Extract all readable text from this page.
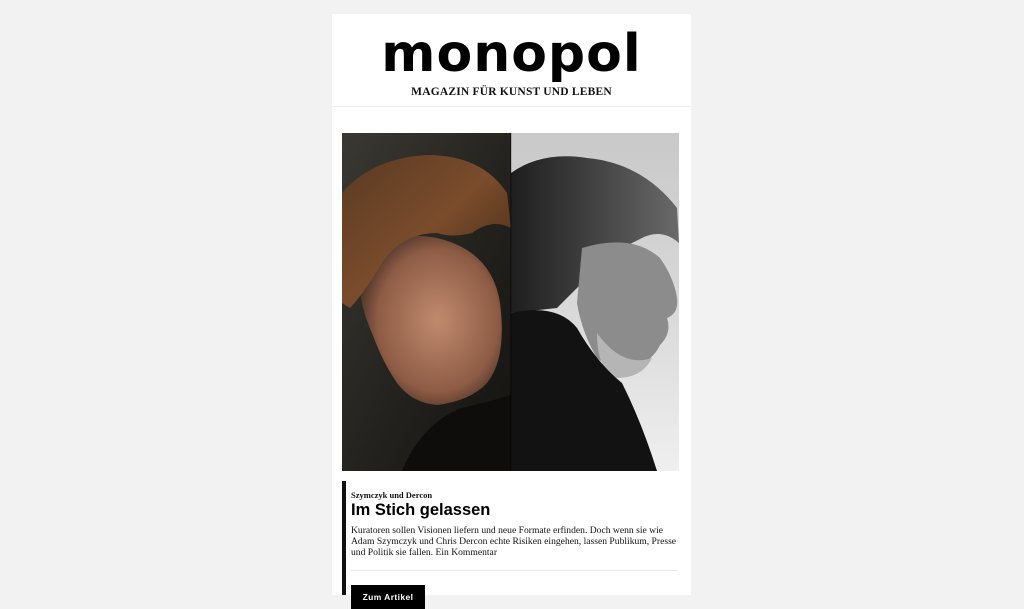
monopol
MAGAZIN FÜR KUNST UND LEBEN
Szymczyk und Dercon
Im Stich gelassen
Kuratoren sollen Visionen liefern und neue Formate erfinden. Doch wenn sie wie Adam Szymczyk und Chris Dercon echte Risiken eingehen, lassen Publikum, Presse und Politik sie fallen. Ein Kommentar
Zum Artikel
